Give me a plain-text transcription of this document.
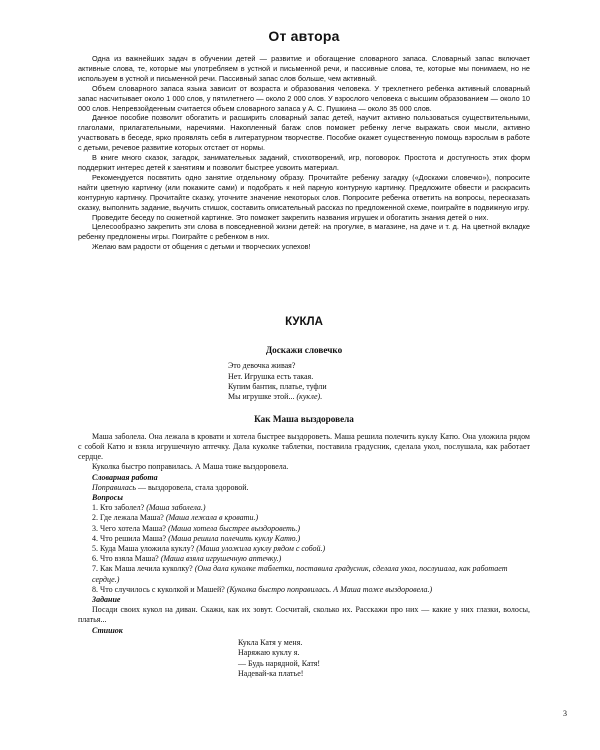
От автора

Одна из важнейших задач в обучении детей — развитие и обогащение словарного запаса. Словарный запас включает активные слова, те, которые мы употребляем в устной и письменной речи, и пассивные слова, те, которые мы понимаем, но не используем в устной и письменной речи. Пассивный запас слов больше, чем активный.

Объем словарного запаса языка зависит от возраста и образования человека. У трехлетнего ребенка активный словарный запас насчитывает около 1 000 слов, у пятилетнего — около 2 000 слов. У взрослого человека с высшим образованием — около 10 000 слов. Непревзойденным считается объем словарного запаса у А. С. Пушкина — около 35 000 слов.

Данное пособие позволит обогатить и расширить словарный запас детей, научит активно пользоваться существительными, глаголами, прилагательными, наречиями. Накопленный багаж слов поможет ребенку легче выражать свои мысли, активно участвовать в беседе, ярко проявлять себя в литературном творчестве. Пособие окажет существенную помощь взрослым в работе с детьми, речевое развитие которых отстает от нормы.

В книге много сказок, загадок, занимательных заданий, стихотворений, игр, поговорок. Простота и доступность этих форм поддержит интерес детей к занятиям и позволит быстрее усвоить материал.

Рекомендуется посвятить одно занятие отдельному образу. Прочитайте ребенку загадку («Доскажи словечко»), попросите найти цветную картинку (или покажите сами) и подобрать к ней парную контурную картинку. Предложите обвести и раскрасить контурную картинку. Прочитайте сказку, уточните значение некоторых слов. Попросите ребенка ответить на вопросы, пересказать сказку, выполнить задание, выучить стишок, составить описательный рассказ по предложенной схеме, поиграйте в подвижную игру.

Проведите беседу по сюжетной картинке. Это поможет закрепить названия игрушек и обогатить знания детей о них.

Целесообразно закрепить эти слова в повседневной жизни детей: на прогулке, в магазине, на даче и т. д. На цветной вкладке ребенку предложены игры. Поиграйте с ребенком в них.

Желаю вам радости от общения с детьми и творческих успехов!

КУКЛА
Доскажи словечко
Это девочка живая?
Нет. Игрушка есть такая.
Купим бантик, платье, туфли
Мы игрушке этой... (кукле).
Как Маша выздоровела

Маша заболела. Она лежала в кровати и хотела быстрее выздороветь. Маша решила полечить куклу Катю. Она уложила рядом с собой Катю и взяла игрушечную аптечку. Дала куколке таблетки, поставила градусник, сделала укол, послушала, как работает сердце.

Куколка быстро поправилась. А Маша тоже выздоровела.

Словарная работа

Поправилась — выздоровела, стала здоровой.

Вопросы

1. Кто заболел? (Маша заболела.)

2. Где лежала Маша? (Маша лежала в кровати.)

3. Чего хотела Маша? (Маша хотела быстрее выздороветь.)

4. Что решила Маша? (Маша решила полечить куклу Катю.)

5. Куда Маша уложила куклу? (Маша уложила куклу рядом с собой.)

6. Что взяла Маша? (Маша взяла игрушечную аптечку.)

7. Как Маша лечила куколку? (Она дала куколке таблетки, поставила градусник, сделала укол, послушала, как работает сердце.)

8. Что случилось с куколкой и Машей? (Куколка быстро поправилась. А Маша тоже выздоровела.)

Задание

Посади своих кукол на диван. Скажи, как их зовут. Сосчитай, сколько их. Расскажи про них — какие у них глазки, волосы, платья...

Стишок

Кукла Катя у меня.
Наряжаю куклу я.
— Будь нарядной, Катя!
Надевай-ка платье!
3
